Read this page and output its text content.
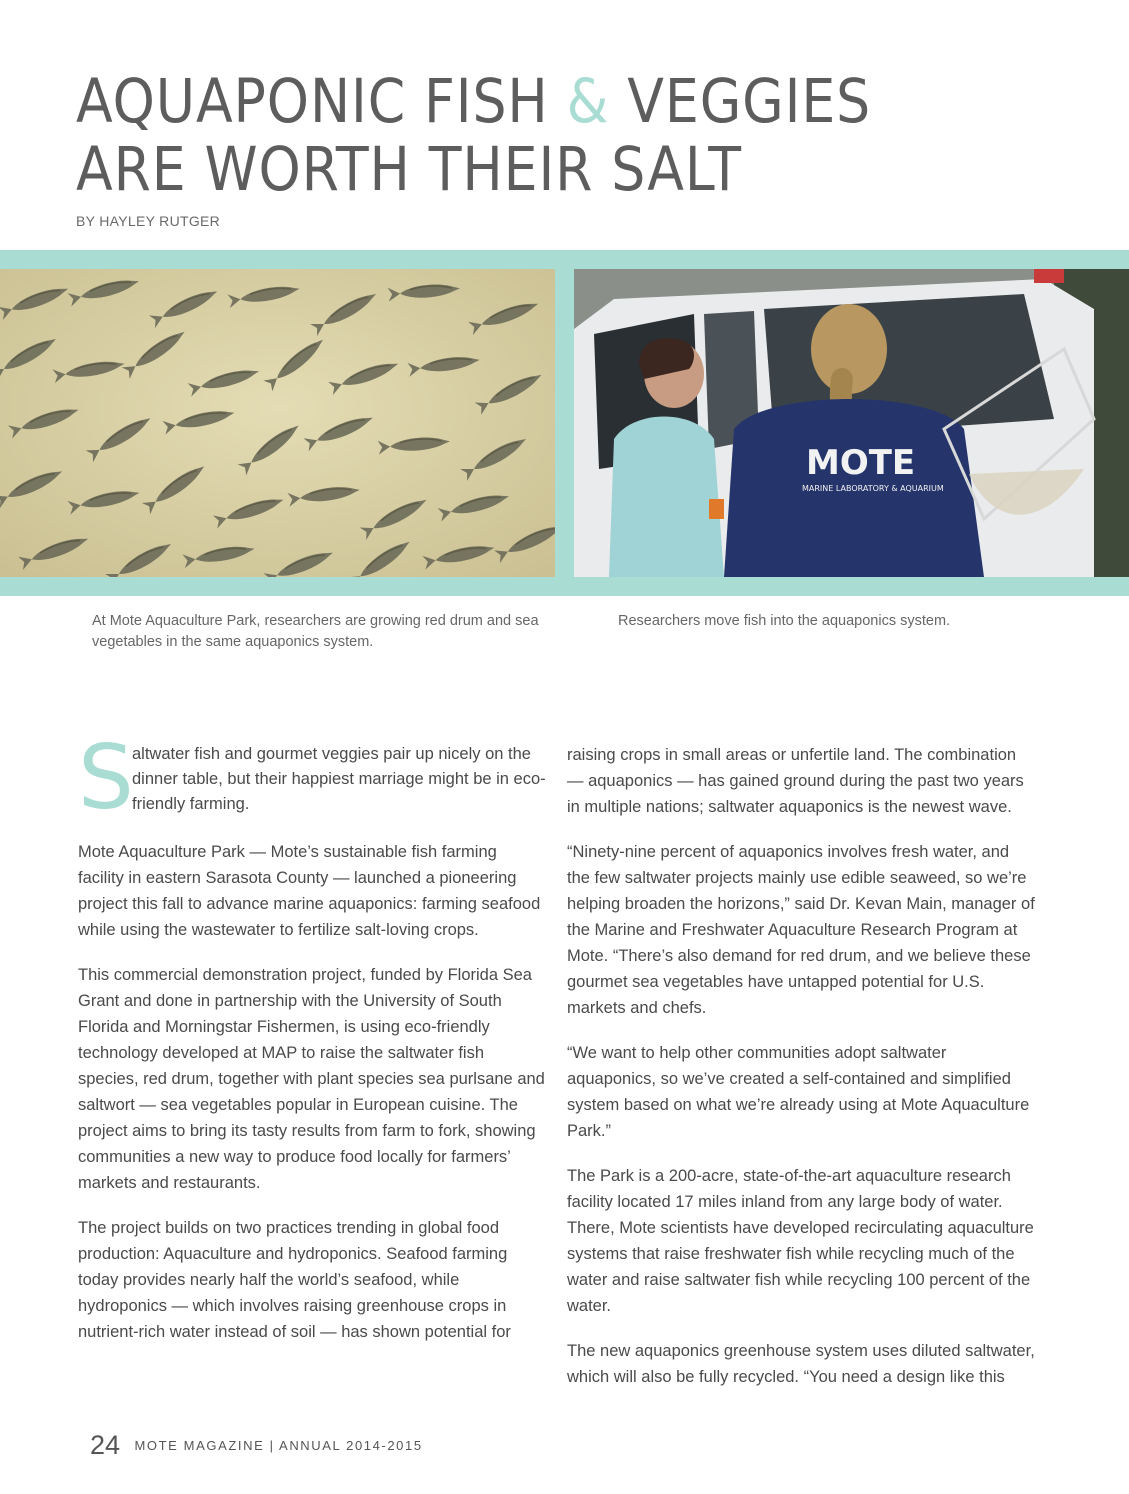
AQUAPONIC FISH & VEGGIES
ARE WORTH THEIR SALT
BY HAYLEY RUTGER
MOTE
MARINE LABORATORY & AQUARIUM
At Mote Aquaculture Park, researchers are growing red drum and sea vegetables in the same aquaponics system.
Researchers move fish into the aquaponics system.

S
altwater fish and gourmet veggies pair up nicely on the dinner table, but their happiest marriage might be in eco-friendly farming.

Mote Aquaculture Park — Mote’s sustainable fish farming facility in eastern Sarasota County — launched a pioneering project this fall to advance marine aquaponics: farming seafood while using the wastewater to fertilize salt-loving crops.

This commercial demonstration project, funded by Florida Sea Grant and done in partnership with the University of South Florida and Morningstar Fishermen, is using eco-friendly technology developed at MAP to raise the saltwater fish species, red drum, together with plant species sea purlsane and saltwort — sea vegetables popular in European cuisine. The project aims to bring its tasty results from farm to fork, showing communities a new way to produce food locally for farmers’ markets and restaurants.

The project builds on two practices trending in global food production: Aquaculture and hydroponics. Seafood farming today provides nearly half the world’s seafood, while hydroponics — which involves raising greenhouse crops in nutrient-rich water instead of soil — has shown potential for

raising crops in small areas or unfertile land. The combination — aquaponics — has gained ground during the past two years in multiple nations; saltwater aquaponics is the newest wave.

“Ninety-nine percent of aquaponics involves fresh water, and the few saltwater projects mainly use edible seaweed, so we’re helping broaden the horizons,” said Dr. Kevan Main, manager of the Marine and Freshwater Aquaculture Research Program at Mote. “There’s also demand for red drum, and we believe these gourmet sea vegetables have untapped potential for U.S. markets and chefs.

“We want to help other communities adopt saltwater aquaponics, so we’ve created a self-contained and simplified system based on what we’re already using at Mote Aquaculture Park.”

The Park is a 200-acre, state-of-the-art aquaculture research facility located 17 miles inland from any large body of water. There, Mote scientists have developed recirculating aquaculture systems that raise freshwater fish while recycling much of the water and raise saltwater fish while recycling 100 percent of the water.

The new aquaponics greenhouse system uses diluted saltwater, which will also be fully recycled. “You need a design like this

24 MOTE MAGAZINE | ANNUAL 2014-2015
